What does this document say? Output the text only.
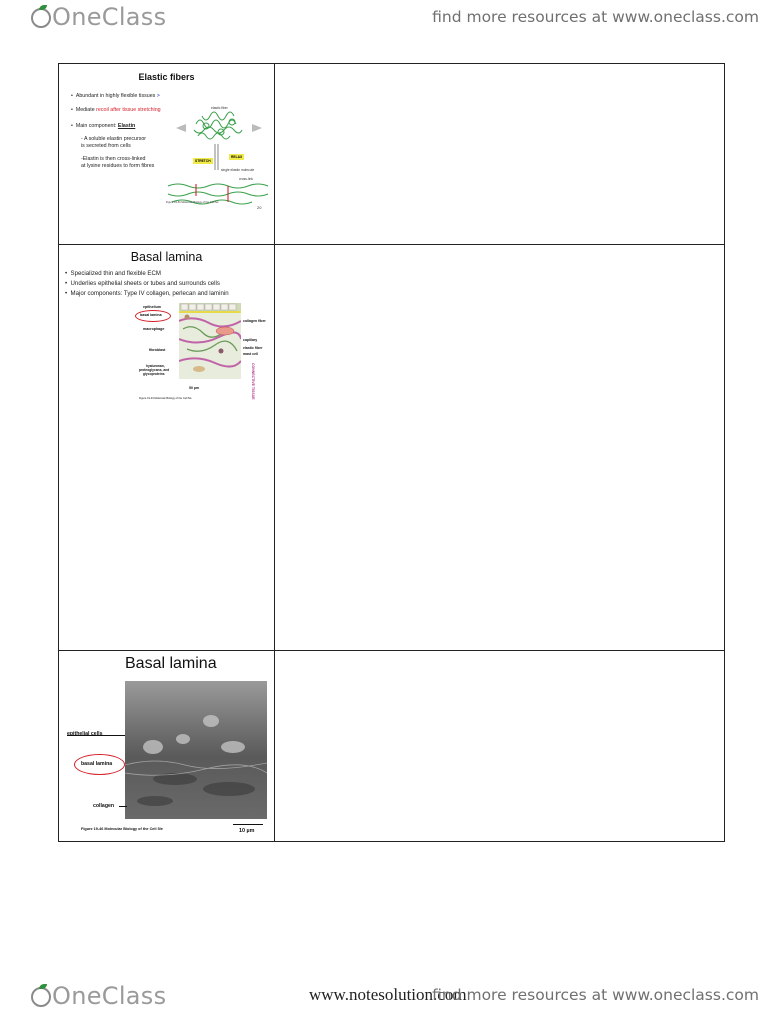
OneClass	find more resources at www.oneclass.com
Elastic fibers
•  Abundant in highly flexible tissues >
•  Mediate recoil after tissue stretching
•  Main component: Elastin
- A soluble elastin precursor
is secreted from cells
-Elastin is then cross-linked
at lysine residues to form fibres
elastic fiber
STRETCH
RELAX
single elastin molecule
cross-link
Figure 19-51 Molecular Biology of the Cell 5/e
20
Basal lamina
•  Specialized thin and flexible ECM
•  Underlies epithelial sheets or tubes and surrounds cells
•  Major components: Type IV collagen, perlecan and laminin
epithelium
basal lamina
macrophage
fibroblast
hyaluronan,
proteoglycans, and
glycoproteins
collagen fiber
capillary
elastic fiber
mast cell
CONNECTIVE TISSUE
50 µm
Figure 19-43 Molecular Biology of the Cell 5/e
Basal lamina
epithelial cells
basal lamina
collagen
Figure 19-46 Molecular Biology of the Cell 5/e	10 µm
OneClass	www.notesolution.com
find more resources at www.oneclass.com
